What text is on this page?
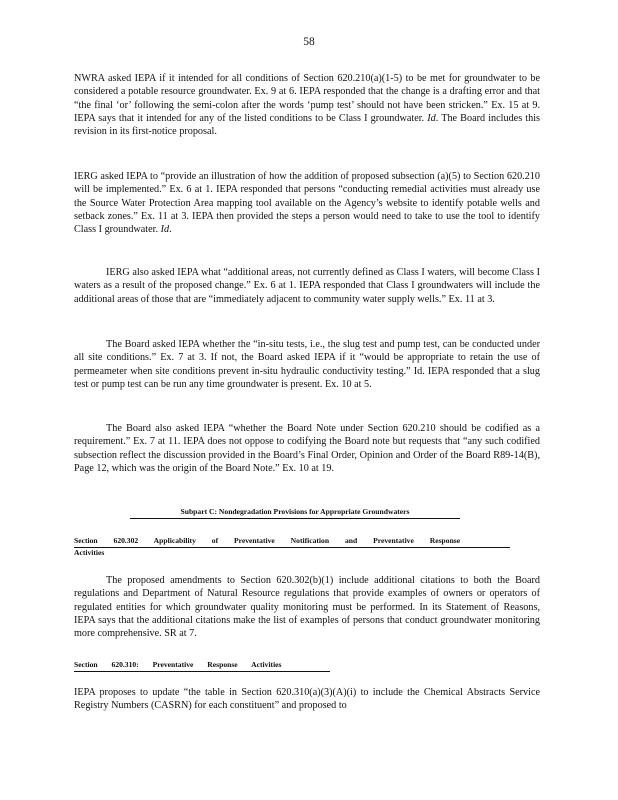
58

NWRA asked IEPA if it intended for all conditions of Section 620.210(a)(1-5) to be met for groundwater to be considered a potable resource groundwater. Ex. 9 at 6. IEPA responded that the change is a drafting error and that “the final ‘or’ following the semi-colon after the words ‘pump test’ should not have been stricken.” Ex. 15 at 9. IEPA says that it intended for any of the listed conditions to be Class I groundwater. Id. The Board includes this revision in its first-notice proposal.

IERG asked IEPA to “provide an illustration of how the addition of proposed subsection (a)(5) to Section 620.210 will be implemented.” Ex. 6 at 1. IEPA responded that persons “conducting remedial activities must already use the Source Water Protection Area mapping tool available on the Agency’s website to identify potable wells and setback zones.” Ex. 11 at 3. IEPA then provided the steps a person would need to take to use the tool to identify Class I groundwater. Id.

IERG also asked IEPA what “additional areas, not currently defined as Class I waters, will become Class I waters as a result of the proposed change.” Ex. 6 at 1. IEPA responded that Class I groundwaters will include the additional areas of those that are “immediately adjacent to community water supply wells.” Ex. 11 at 3.

The Board asked IEPA whether the “in-situ tests, i.e., the slug test and pump test, can be conducted under all site conditions.” Ex. 7 at 3. If not, the Board asked IEPA if it “would be appropriate to retain the use of permeameter when site conditions prevent in-situ hydraulic conductivity testing.” Id. IEPA responded that a slug test or pump test can be run any time groundwater is present. Ex. 10 at 5.

The Board also asked IEPA “whether the Board Note under Section 620.210 should be codified as a requirement.” Ex. 7 at 11. IEPA does not oppose to codifying the Board note but requests that “any such codified subsection reflect the discussion provided in the Board’s Final Order, Opinion and Order of the Board R89-14(B), Page 12, which was the origin of the Board Note.” Ex. 10 at 19.

Subpart C: Nondegradation Provisions for Appropriate Groundwaters
Section 620.302 Applicability of Preventative Notification and Preventative Response
Activities

The proposed amendments to Section 620.302(b)(1) include additional citations to both the Board regulations and Department of Natural Resource regulations that provide examples of owners or operators of regulated entities for which groundwater quality monitoring must be performed. In its Statement of Reasons, IEPA says that the additional citations make the list of examples of persons that conduct groundwater monitoring more comprehensive. SR at 7.

Section 620.310: Preventative Response Activities

IEPA proposes to update “the table in Section 620.310(a)(3)(A)(i) to include the Chemical Abstracts Service Registry Numbers (CASRN) for each constituent” and proposed to
